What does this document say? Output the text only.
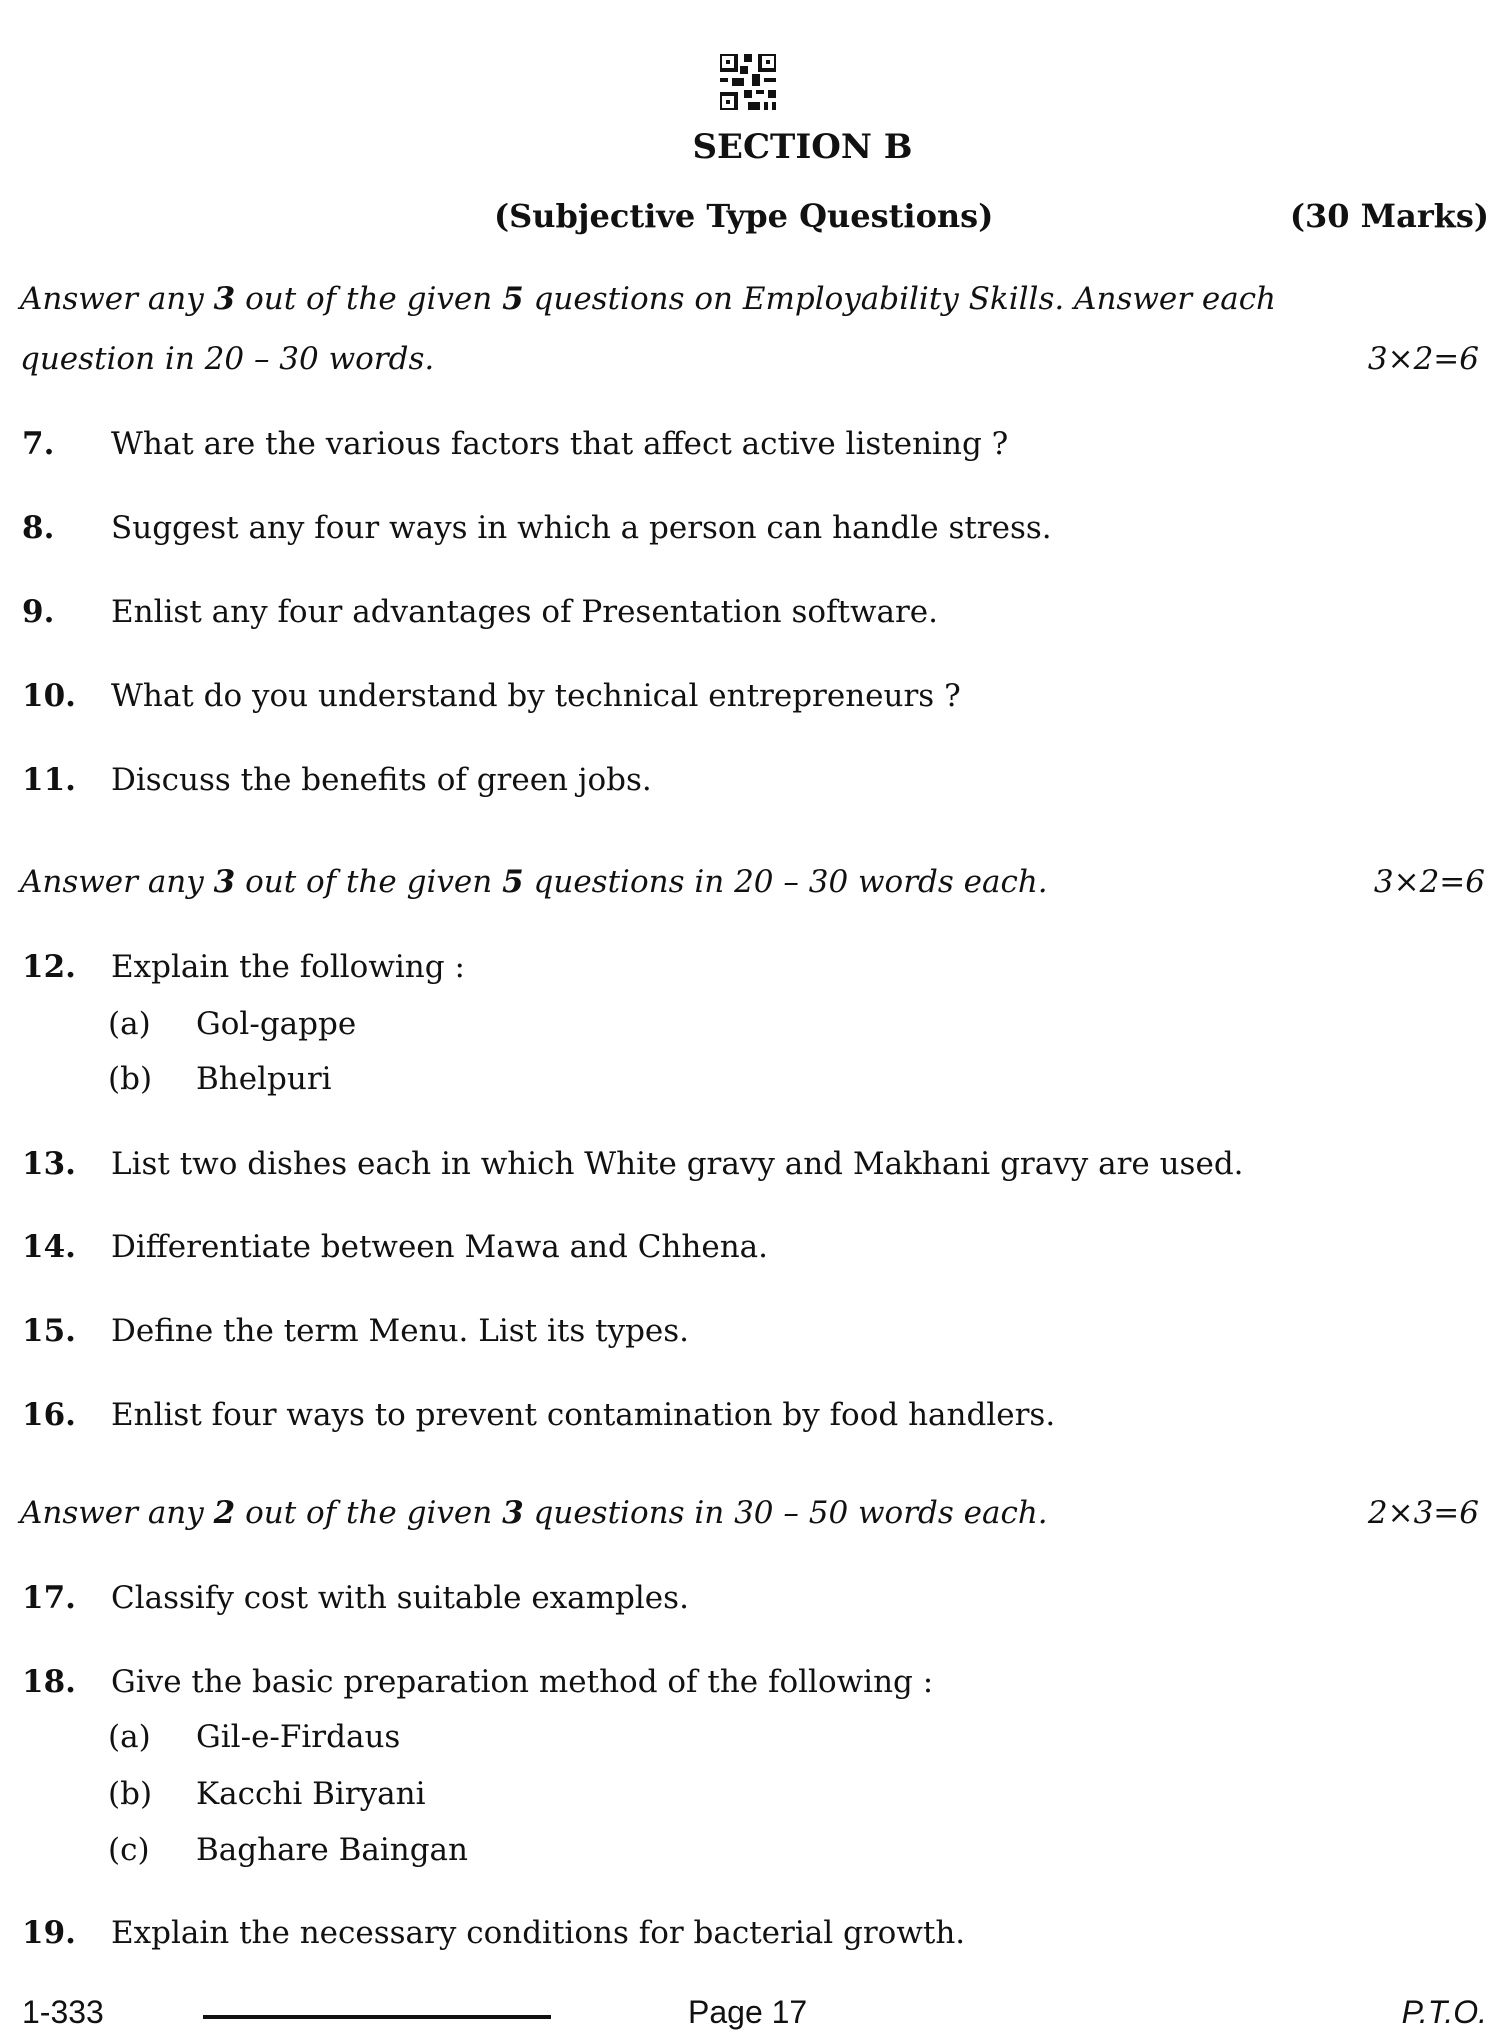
SECTION B
(Subjective Type Questions)	(30 Marks)
Answer any 3 out of the given 5 questions on Employability Skills. Answer each
question in 20 – 30 words.	3×2=6
7. What are the various factors that affect active listening ?
8. Suggest any four ways in which a person can handle stress.
9. Enlist any four advantages of Presentation software.
10. What do you understand by technical entrepreneurs ?
11. Discuss the benefits of green jobs.
Answer any 3 out of the given 5 questions in 20 – 30 words each.	3×2=6
12. Explain the following :
(a) Gol-gappe
(b) Bhelpuri
13. List two dishes each in which White gravy and Makhani gravy are used.
14. Differentiate between Mawa and Chhena.
15. Define the term Menu. List its types.
16. Enlist four ways to prevent contamination by food handlers.
Answer any 2 out of the given 3 questions in 30 – 50 words each.	2×3=6
17. Classify cost with suitable examples.
18. Give the basic preparation method of the following :
(a) Gil-e-Firdaus
(b) Kacchi Biryani
(c) Baghare Baingan
19. Explain the necessary conditions for bacterial growth.
1-333	Page 17	P.T.O.
